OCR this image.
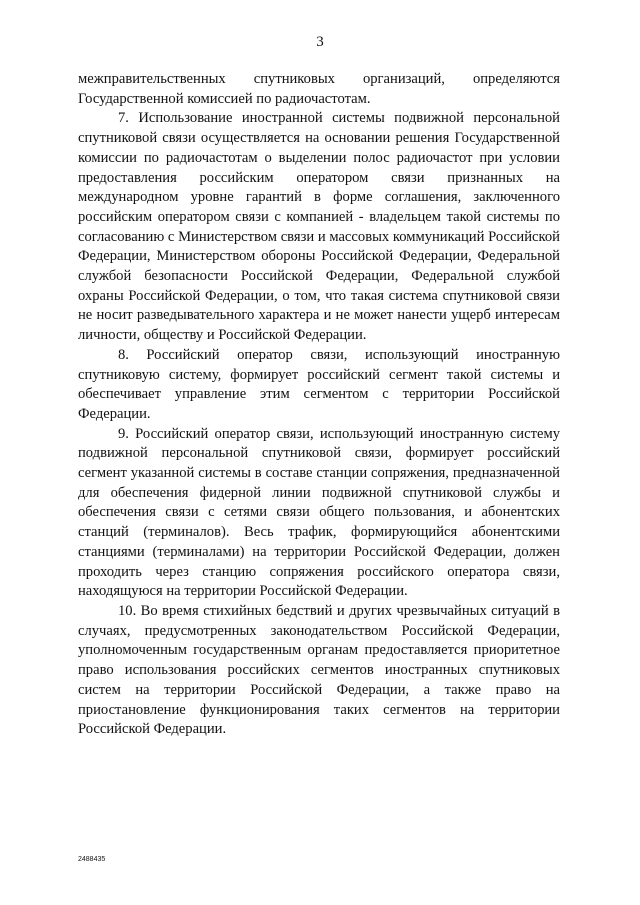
3

межправительственных спутниковых организаций, определяются Государственной комиссией по радиочастотам.

7. Использование иностранной системы подвижной персональной спутниковой связи осуществляется на основании решения Государственной комиссии по радиочастотам о выделении полос радиочастот при условии предоставления российским оператором связи признанных на международном уровне гарантий в форме соглашения, заключенного российским оператором связи с компанией - владельцем такой системы по согласованию с Министерством связи и массовых коммуникаций Российской Федерации, Министерством обороны Российской Федерации, Федеральной службой безопасности Российской Федерации, Федеральной службой охраны Российской Федерации, о том, что такая система спутниковой связи не носит разведывательного характера и не может нанести ущерб интересам личности, обществу и Российской Федерации.

8. Российский оператор связи, использующий иностранную спутниковую систему, формирует российский сегмент такой системы и обеспечивает управление этим сегментом с территории Российской Федерации.

9. Российский оператор связи, использующий иностранную систему подвижной персональной спутниковой связи, формирует российский сегмент указанной системы в составе станции сопряжения, предназначенной для обеспечения фидерной линии подвижной спутниковой службы и обеспечения связи с сетями связи общего пользования, и абонентских станций (терминалов). Весь трафик, формирующийся абонентскими станциями (терминалами) на территории Российской Федерации, должен проходить через станцию сопряжения российского оператора связи, находящуюся на территории Российской Федерации.

10. Во время стихийных бедствий и других чрезвычайных ситуаций в случаях, предусмотренных законодательством Российской Федерации, уполномоченным государственным органам предоставляется приоритетное право использования российских сегментов иностранных спутниковых систем на территории Российской Федерации, а также право на приостановление функционирования таких сегментов на территории Российской Федерации.

2488435
